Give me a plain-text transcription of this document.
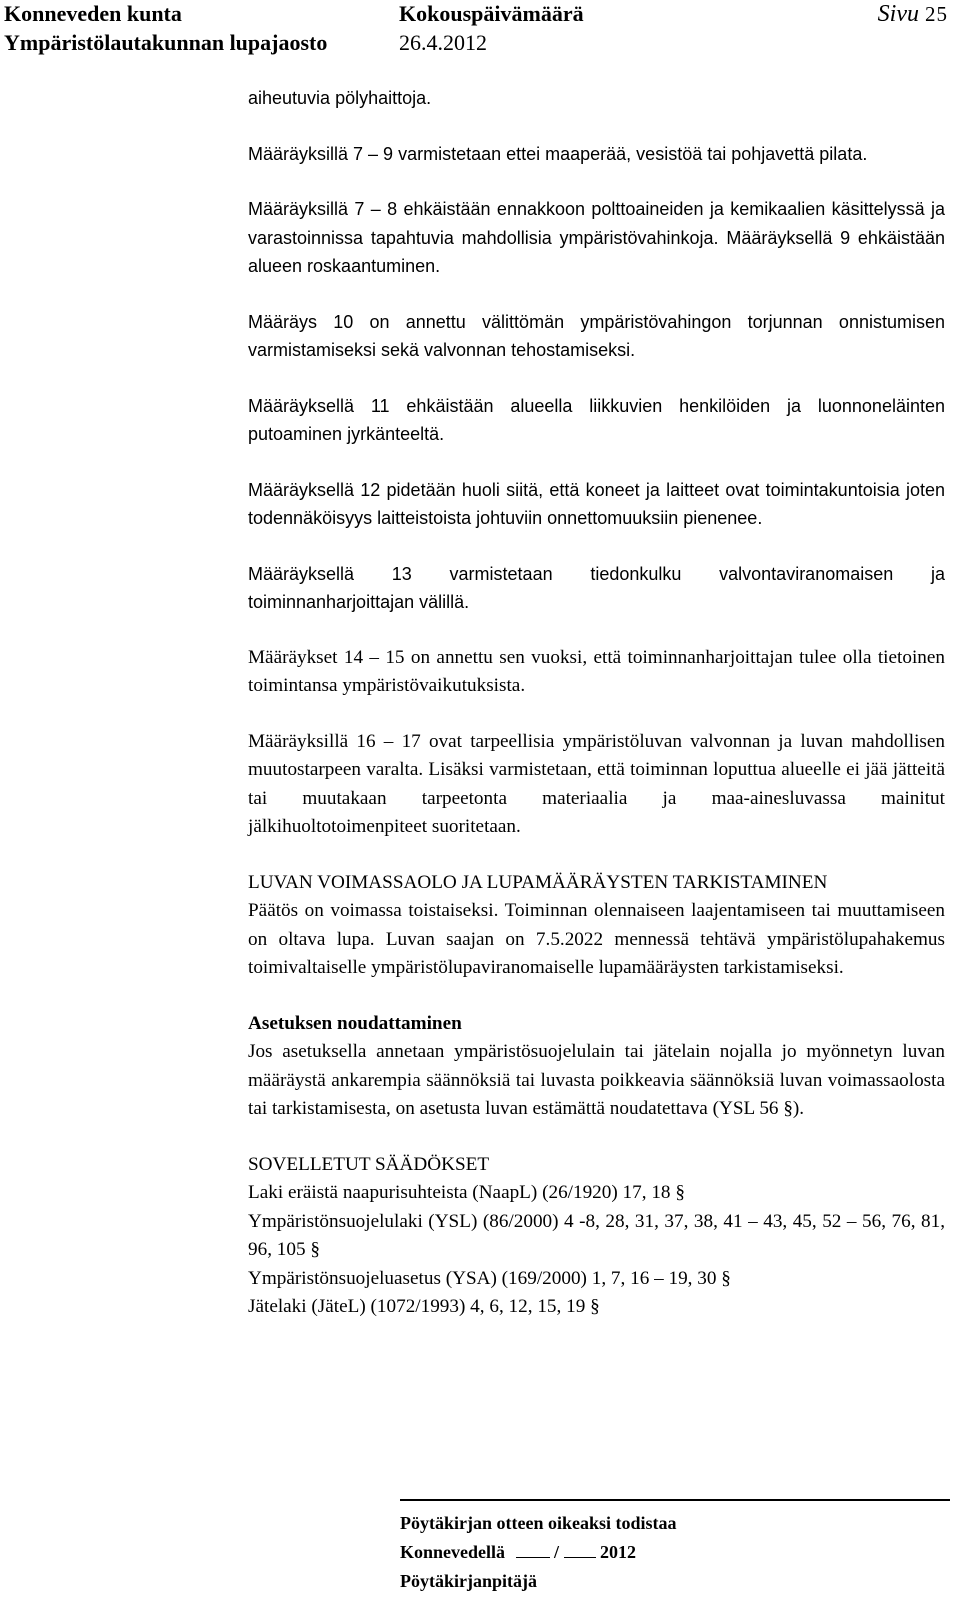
Konneveden kunta
Ympäristölautakunnan lupajaosto
Kokouspäivämäärä
26.4.2012
Sivu 25

aiheutuvia pölyhaittoja.

Määräyksillä 7 – 9 varmistetaan ettei maaperää, vesistöä tai pohjavettä pilata.

Määräyksillä 7 – 8 ehkäistään ennakkoon polttoaineiden ja kemikaalien käsittelyssä ja varastoinnissa tapahtuvia mahdollisia ympäristövahinkoja. Määräyksellä 9 ehkäistään alueen roskaantuminen.

Määräys 10 on annettu välittömän ympäristövahingon torjunnan onnistumisen varmistamiseksi sekä valvonnan tehostamiseksi.

Määräyksellä 11 ehkäistään alueella liikkuvien henkilöiden ja luonnoneläinten putoaminen jyrkänteeltä.

Määräyksellä 12 pidetään huoli siitä, että koneet ja laitteet ovat toimintakuntoisia joten todennäköisyys laitteistoista johtuviin onnettomuuksiin pienenee.

Määräyksellä 13 varmistetaan tiedonkulku valvontaviranomaisen ja toiminnanharjoittajan välillä.

Määräykset 14 – 15 on annettu sen vuoksi, että toiminnanharjoittajan tulee olla tietoinen toimintansa ympäristövaikutuksista.

Määräyksillä 16 – 17 ovat tarpeellisia ympäristöluvan valvonnan ja luvan mahdollisen muutostarpeen varalta. Lisäksi varmistetaan, että toiminnan loputtua alueelle ei jää jätteitä tai muutakaan tarpeetonta materiaalia ja maa-ainesluvassa mainitut jälkihuoltotoimenpiteet suoritetaan.

LUVAN VOIMASSAOLO JA LUPAMÄÄRÄYSTEN TARKISTAMINEN

Päätös on voimassa toistaiseksi. Toiminnan olennaiseen laajentamiseen tai muuttamiseen on oltava lupa. Luvan saajan on 7.5.2022 mennessä tehtävä ympäristölupahakemus toimivaltaiselle ympäristölupaviranomaiselle lupamääräysten tarkistamiseksi.

Asetuksen noudattaminen

Jos asetuksella annetaan ympäristösuojelulain tai jätelain nojalla jo myönnetyn luvan määräystä ankarempia säännöksiä tai luvasta poikkeavia säännöksiä luvan voimassaolosta tai tarkistamisesta, on asetusta luvan estämättä noudatettava (YSL 56 §).

SOVELLETUT SÄÄDÖKSET

Laki eräistä naapurisuhteista (NaapL) (26/1920) 17, 18 §

Ympäristönsuojelulaki (YSL) (86/2000) 4 -8, 28, 31, 37, 38, 41 – 43, 45, 52 – 56, 76, 81, 96, 105 §

Ympäristönsuojeluasetus (YSA) (169/2000) 1, 7, 16 – 19, 30 §

Jätelaki (JäteL) (1072/1993) 4, 6, 12, 15, 19 §

Pöytäkirjan otteen oikeaksi todistaa
Konnevedellä	/ 2012
Pöytäkirjanpitäjä
